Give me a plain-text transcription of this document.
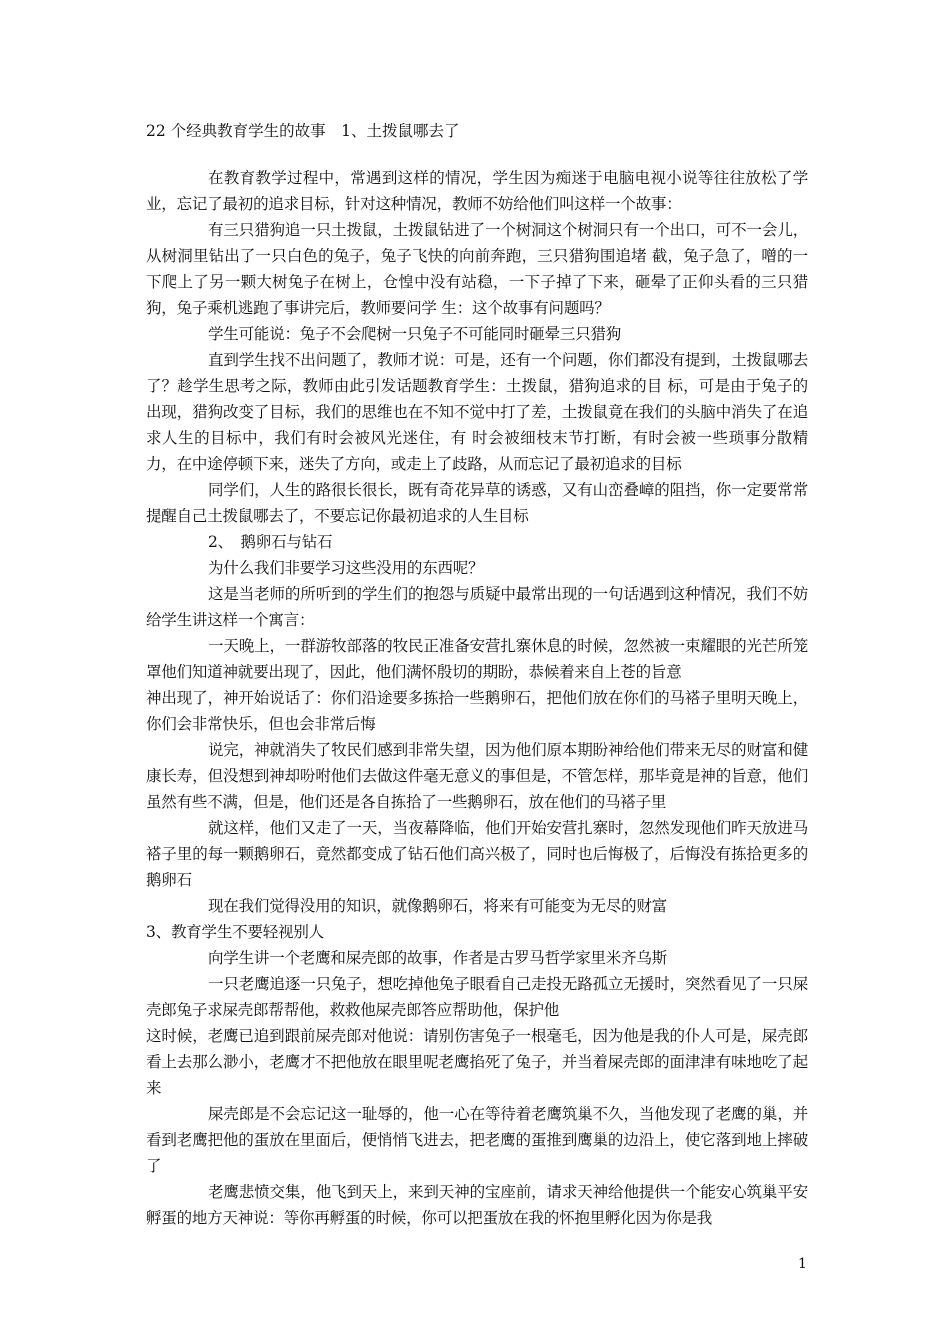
22 个经典教育学生的故事　1、土拨鼠哪去了

在教育教学过程中，常遇到这样的情况，学生因为痴迷于电脑电视小说等往往放松了学业，忘记了最初的追求目标，针对这种情况，教师不妨给他们叫这样一个故事：

有三只猎狗追一只土拨鼠，土拨鼠钻进了一个树洞这个树洞只有一个出口，可不一会儿，从树洞里钻出了一只白色的兔子，兔子飞快的向前奔跑，三只猎狗围追堵 截，兔子急了，噌的一下爬上了另一颗大树兔子在树上，仓惶中没有站稳，一下子掉了下来，砸晕了正仰头看的三只猎狗，兔子乘机逃跑了事讲完后，教师要问学 生：这个故事有问题吗？

学生可能说：兔子不会爬树一只兔子不可能同时砸晕三只猎狗

直到学生找不出问题了，教师才说：可是，还有一个问题，你们都没有提到，土拨鼠哪去了？趁学生思考之际，教师由此引发话题教育学生：土拨鼠，猎狗追求的目 标，可是由于兔子的出现，猎狗改变了目标，我们的思维也在不知不觉中打了差，土拨鼠竟在我们的头脑中消失了在追求人生的目标中，我们有时会被风光迷住，有 时会被细枝末节打断，有时会被一些琐事分散精力，在中途停顿下来，迷失了方向，或走上了歧路，从而忘记了最初追求的目标

同学们，人生的路很长很长，既有奇花异草的诱惑，又有山峦叠嶂的阻挡，你一定要常常提醒自己土拨鼠哪去了，不要忘记你最初追求的人生目标

2、　鹅卵石与钻石

为什么我们非要学习这些没用的东西呢？

这是当老师的所听到的学生们的抱怨与质疑中最常出现的一句话遇到这种情况，我们不妨给学生讲这样一个寓言：

一天晚上，一群游牧部落的牧民正准备安营扎寨休息的时候，忽然被一束耀眼的光芒所笼罩他们知道神就要出现了，因此，他们满怀殷切的期盼，恭候着来自上苍的旨意

神出现了，神开始说话了：你们沿途要多拣拾一些鹅卵石，把他们放在你们的马褡子里明天晚上，你们会非常快乐，但也会非常后悔

说完，神就消失了牧民们感到非常失望，因为他们原本期盼神给他们带来无尽的财富和健康长寿，但没想到神却吩咐他们去做这件毫无意义的事但是，不管怎样，那毕竟是神的旨意，他们虽然有些不满，但是，他们还是各自拣拾了一些鹅卵石，放在他们的马褡子里

就这样，他们又走了一天，当夜幕降临，他们开始安营扎寨时，忽然发现他们昨天放进马褡子里的每一颗鹅卵石，竟然都变成了钻石他们高兴极了，同时也后悔极了，后悔没有拣拾更多的鹅卵石

现在我们觉得没用的知识，就像鹅卵石，将来有可能变为无尽的财富

3、教育学生不要轻视别人

向学生讲一个老鹰和屎壳郎的故事，作者是古罗马哲学家里米齐乌斯

一只老鹰追逐一只兔子，想吃掉他兔子眼看自己走投无路孤立无援时，突然看见了一只屎壳郎兔子求屎壳郎帮帮他，救救他屎壳郎答应帮助他，保护他

这时候，老鹰已追到跟前屎壳郎对他说：请别伤害兔子一根毫毛，因为他是我的仆人可是，屎壳郎看上去那么渺小，老鹰才不把他放在眼里呢老鹰掐死了兔子，并当着屎壳郎的面津津有味地吃了起来

屎壳郎是不会忘记这一耻辱的，他一心在等待着老鹰筑巢不久，当他发现了老鹰的巢，并看到老鹰把他的蛋放在里面后，便悄悄飞进去，把老鹰的蛋推到鹰巢的边沿上，使它落到地上摔破了

老鹰悲愤交集，他飞到天上，来到天神的宝座前，请求天神给他提供一个能安心筑巢平安孵蛋的地方天神说：等你再孵蛋的时候，你可以把蛋放在我的怀抱里孵化因为你是我

1
